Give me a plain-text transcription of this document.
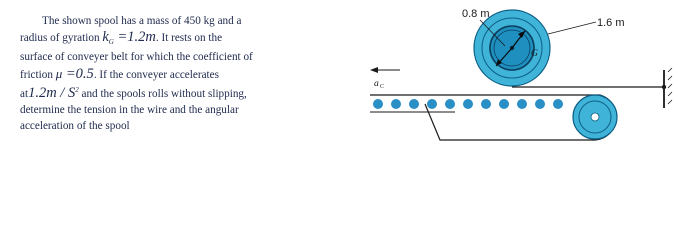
The shown spool has a mass of 450 kg and a
radius of gyration $k_G =1.2m$. It rests on the
surface of conveyer belt for which the coefficient of
friction μ =0.5. If the conveyer accelerates
$at1.2m / S^2$ and the spools rolls without slipping,
determine the tension in the wire and the angular
acceleration of the spool
G
0.8 m
1.6 m
a C
